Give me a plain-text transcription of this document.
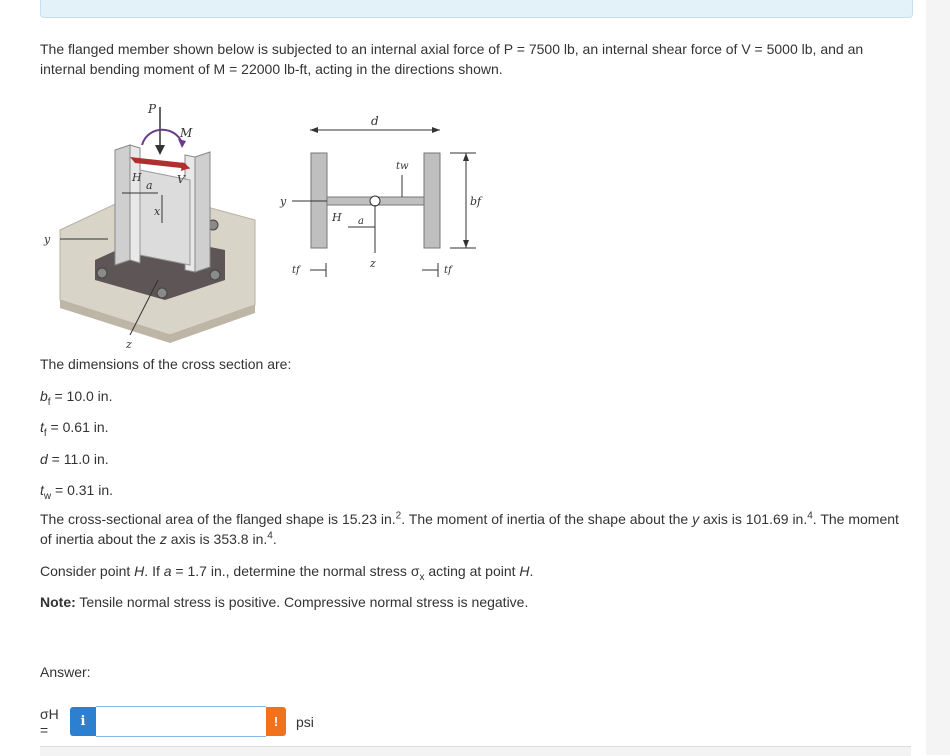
The flanged member shown below is subjected to an internal axial force of P = 7500 lb, an internal shear force of V = 5000 lb, and an internal bending moment of M = 22000 lb-ft, acting in the directions shown.
P
M
H
a V
x
y
z
d
tw
bf
y
H a
z
tf	tf
The dimensions of the cross section are:
$b_f = 10.0$ in.
$t_f = 0.61$ in.
d = 11.0 in.
$t_w = 0.31$ in.
The cross-sectional area of the flanged shape is 15.23 in.$^2$. The moment of inertia of the shape about the y axis is 101.69 in.$^4$. The moment of inertia about the z axis is 353.8 in.$^4$.
Consider point H. If a = 1.7 in., determine the normal stress $\sigma_x$ acting at point H.
Note: Tensile normal stress is positive. Compressive normal stress is negative.
Answer:
σH =	i	!	psi
